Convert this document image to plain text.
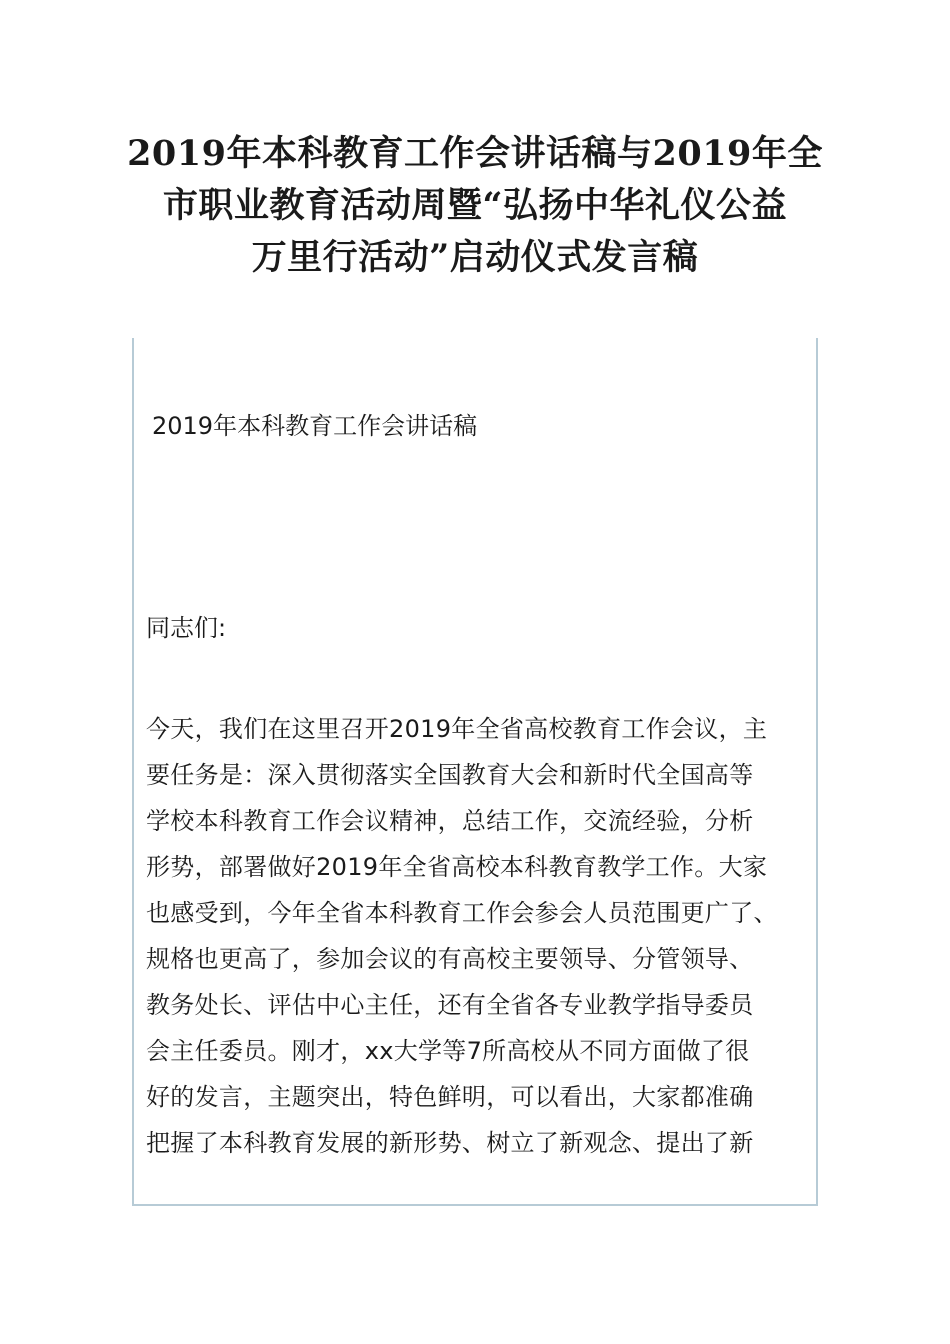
2019年本科教育工作会讲话稿与2019年全
市职业教育活动周暨“弘扬中华礼仪公益
万里行活动”启动仪式发言稿
2019年本科教育工作会讲话稿

同志们:

今天，我们在这里召开2019年全省高校教育工作会议，主
要任务是：深入贯彻落实全国教育大会和新时代全国高等
学校本科教育工作会议精神，总结工作，交流经验，分析
形势，部署做好2019年全省高校本科教育教学工作。大家
也感受到，今年全省本科教育工作会参会人员范围更广了、
规格也更高了，参加会议的有高校主要领导、分管领导、
教务处长、评估中心主任，还有全省各专业教学指导委员
会主任委员。刚才，xx大学等7所高校从不同方面做了很
好的发言，主题突出，特色鲜明，可以看出，大家都准确
把握了本科教育发展的新形势、树立了新观念、提出了新
